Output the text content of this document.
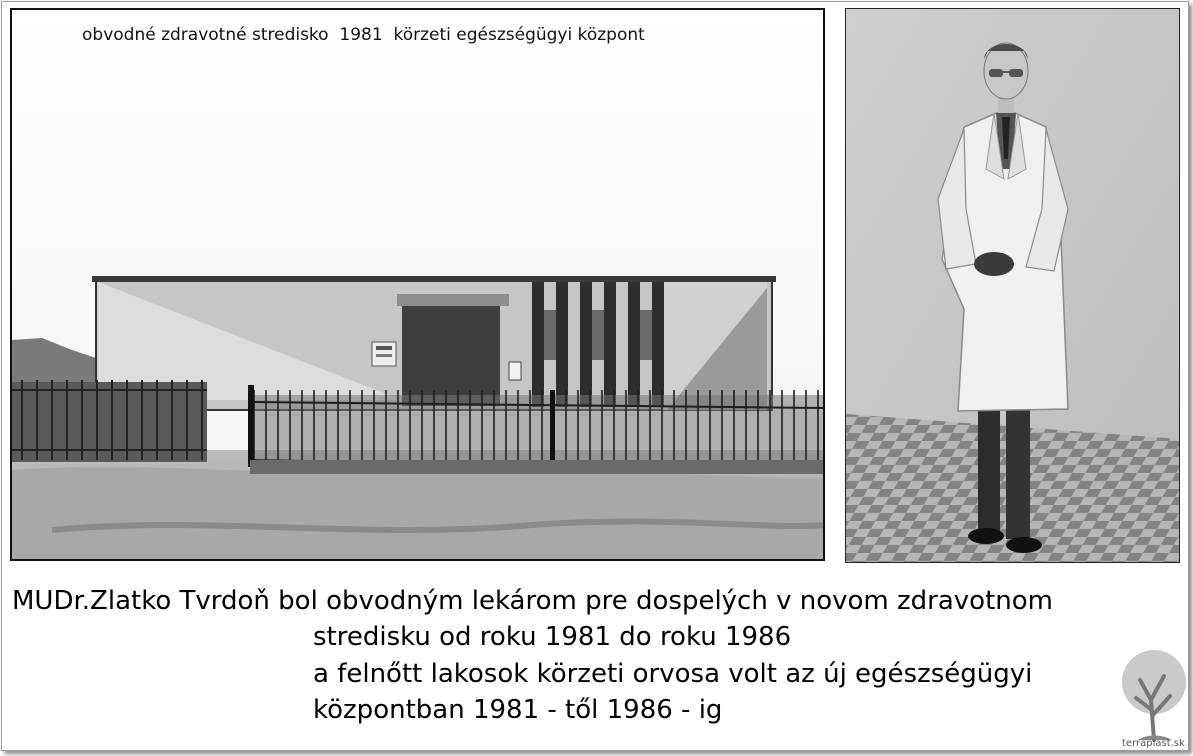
obvodné zdravotné stredisko  1981  körzeti egészségügyi központ
MUDr.Zlatko Tvrdoň bol obvodným lekárom pre dospelých v novom zdravotnom
stredisku od roku 1981 do roku 1986
a felnőtt lakosok körzeti orvosa volt az új egészségügyi
központban 1981 - től 1986 - ig
terraplast.sk
